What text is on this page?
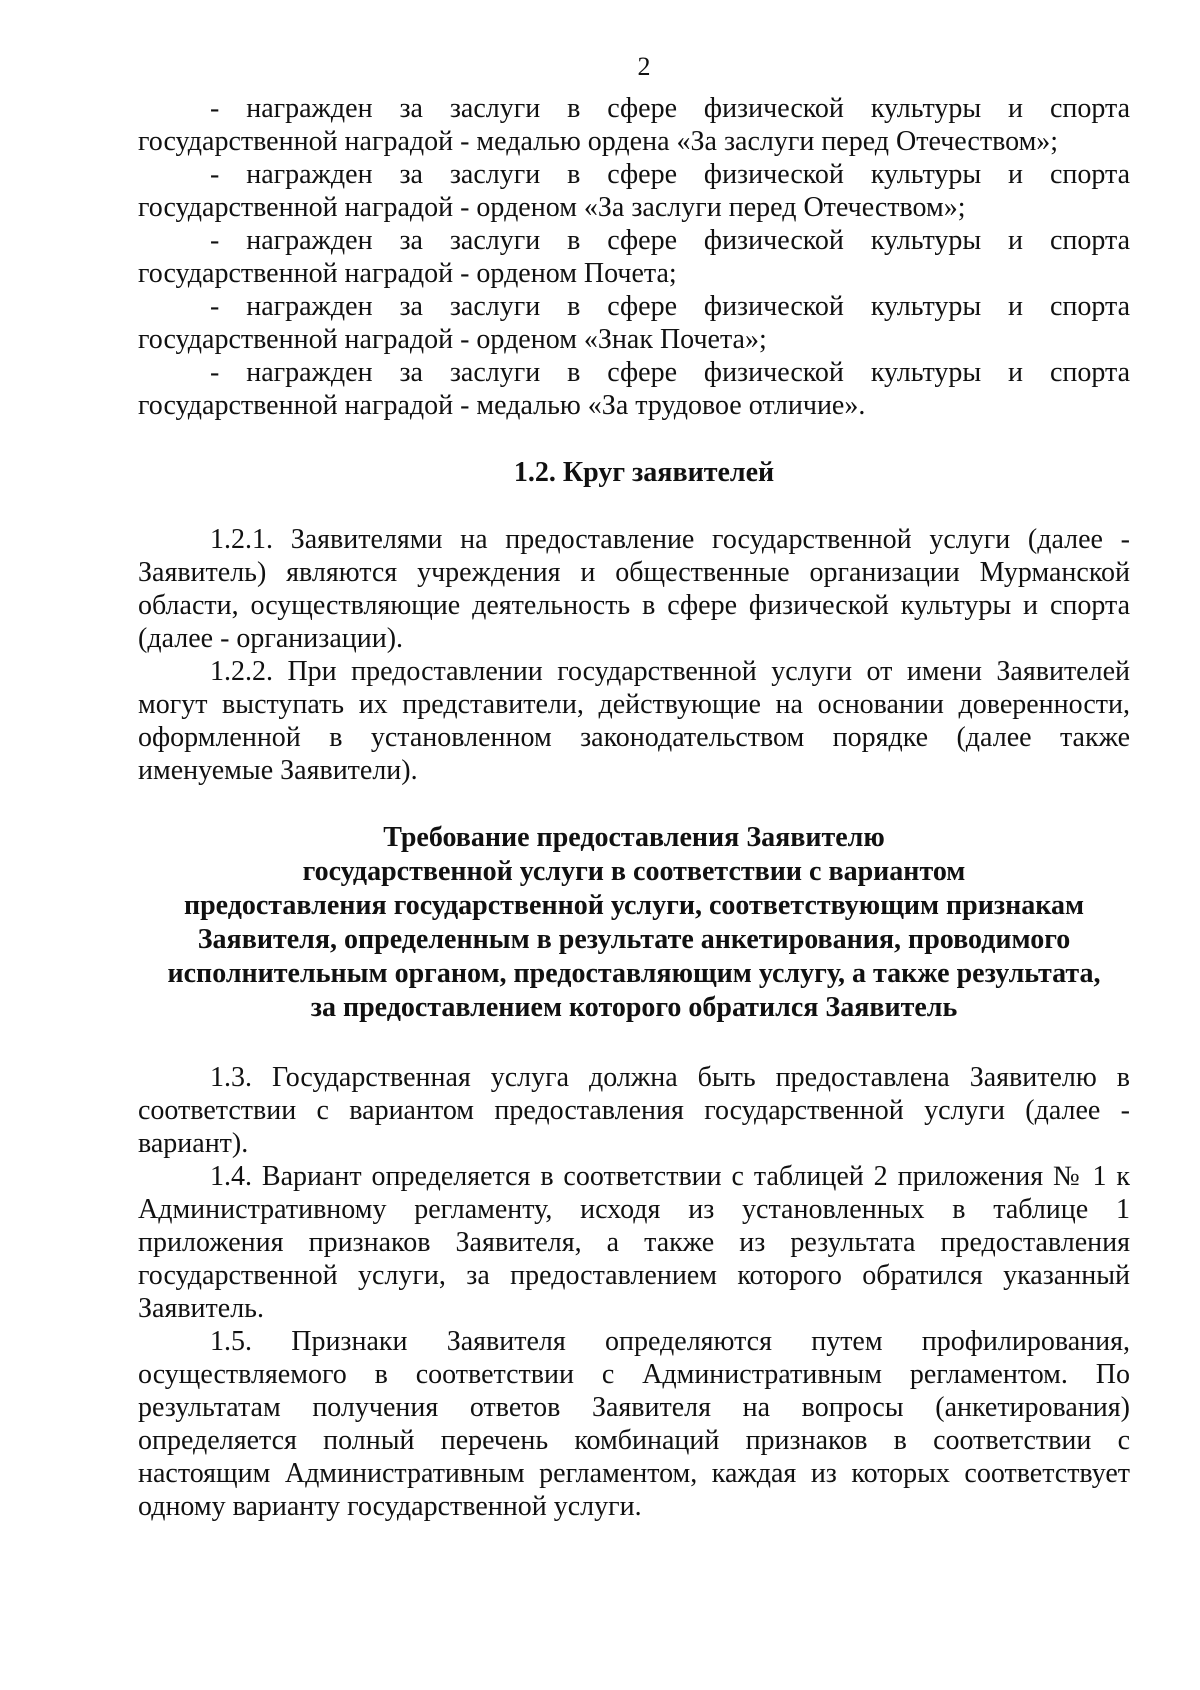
2

- награжден за заслуги в сфере физической культуры и спорта государственной наградой - медалью ордена «За заслуги перед Отечеством»;

- награжден за заслуги в сфере физической культуры и спорта государственной наградой - орденом «За заслуги перед Отечеством»;

- награжден за заслуги в сфере физической культуры и спорта государственной наградой - орденом Почета;

- награжден за заслуги в сфере физической культуры и спорта государственной наградой - орденом «Знак Почета»;

- награжден за заслуги в сфере физической культуры и спорта государственной наградой - медалью «За трудовое отличие».

1.2. Круг заявителей

1.2.1. Заявителями на предоставление государственной услуги (далее - Заявитель) являются учреждения и общественные организации Мурманской области, осуществляющие деятельность в сфере физической культуры и спорта (далее - организации).

1.2.2. При предоставлении государственной услуги от имени Заявителей могут выступать их представители, действующие на основании доверенности, оформленной в установленном законодательством порядке (далее также именуемые Заявители).

Требование предоставления Заявителю
государственной услуги в соответствии с вариантом
предоставления государственной услуги, соответствующим признакам
Заявителя, определенным в результате анкетирования, проводимого
исполнительным органом, предоставляющим услугу, а также результата,
за предоставлением которого обратился Заявитель

1.3. Государственная услуга должна быть предоставлена Заявителю в соответствии с вариантом предоставления государственной услуги (далее - вариант).

1.4. Вариант определяется в соответствии с таблицей 2 приложения № 1 к Административному регламенту, исходя из установленных в таблице 1 приложения признаков Заявителя, а также из результата предоставления государственной услуги, за предоставлением которого обратился указанный Заявитель.

1.5. Признаки Заявителя определяются путем профилирования, осуществляемого в соответствии с Административным регламентом. По результатам получения ответов Заявителя на вопросы (анкетирования) определяется полный перечень комбинаций признаков в соответствии с настоящим Административным регламентом, каждая из которых соответствует одному варианту государственной услуги.
